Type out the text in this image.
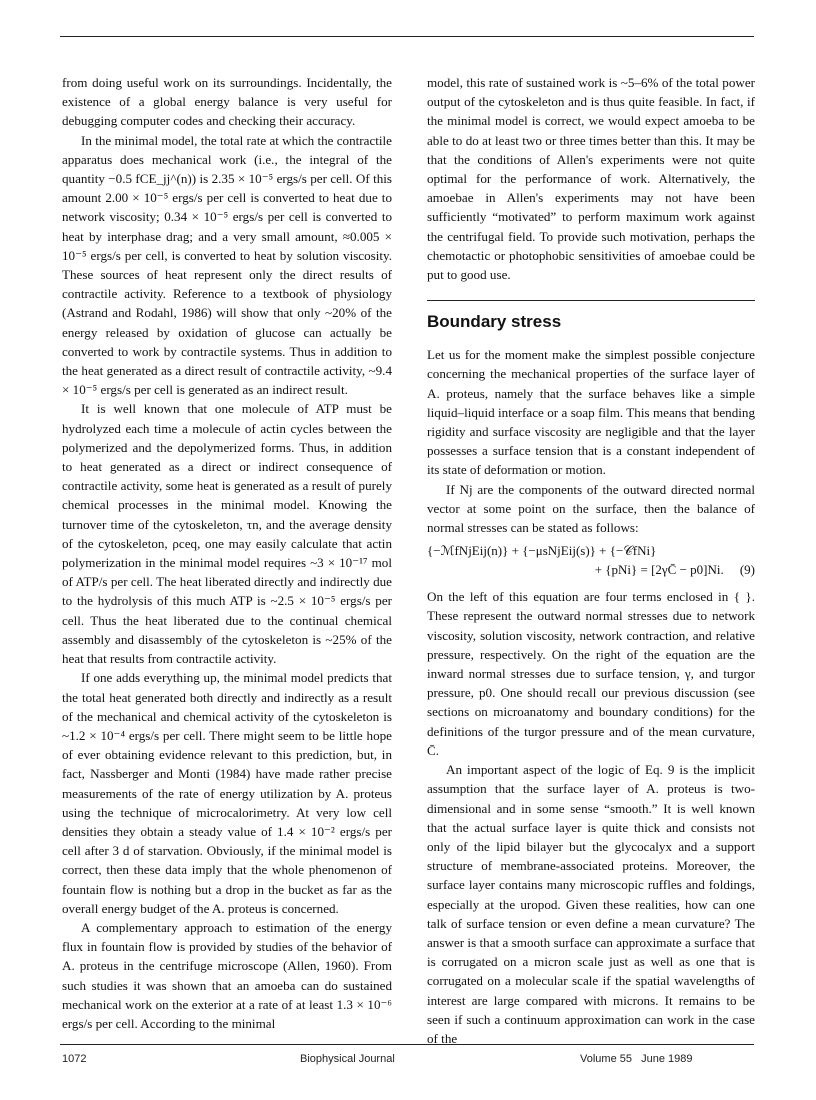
from doing useful work on its surroundings. Incidentally, the existence of a global energy balance is very useful for debugging computer codes and checking their accuracy.

In the minimal model, the total rate at which the contractile apparatus does mechanical work (i.e., the integral of the quantity −0.5 fCE_jj^(n)) is 2.35 × 10⁻⁵ ergs/s per cell. Of this amount 2.00 × 10⁻⁵ ergs/s per cell is converted to heat due to network viscosity; 0.34 × 10⁻⁵ ergs/s per cell is converted to heat by interphase drag; and a very small amount, ≈0.005 × 10⁻⁵ ergs/s per cell, is converted to heat by solution viscosity. These sources of heat represent only the direct results of contractile activity. Reference to a textbook of physiology (Astrand and Rodahl, 1986) will show that only ~20% of the energy released by oxidation of glucose can actually be converted to work by contractile systems. Thus in addition to the heat generated as a direct result of contractile activity, ~9.4 × 10⁻⁵ ergs/s per cell is generated as an indirect result.

It is well known that one molecule of ATP must be hydrolyzed each time a molecule of actin cycles between the polymerized and the depolymerized forms. Thus, in addition to heat generated as a direct or indirect consequence of contractile activity, some heat is generated as a result of purely chemical processes in the minimal model. Knowing the turnover time of the cytoskeleton, τn, and the average density of the cytoskeleton, ρceq, one may easily calculate that actin polymerization in the minimal model requires ~3 × 10⁻¹⁷ mol of ATP/s per cell. The heat liberated directly and indirectly due to the hydrolysis of this much ATP is ~2.5 × 10⁻⁵ ergs/s per cell. Thus the heat liberated due to the continual chemical assembly and disassembly of the cytoskeleton is ~25% of the heat that results from contractile activity.

If one adds everything up, the minimal model predicts that the total heat generated both directly and indirectly as a result of the mechanical and chemical activity of the cytoskeleton is ~1.2 × 10⁻⁴ ergs/s per cell. There might seem to be little hope of ever obtaining evidence relevant to this prediction, but, in fact, Nassberger and Monti (1984) have made rather precise measurements of the rate of energy utilization by A. proteus using the technique of microcalorimetry. At very low cell densities they obtain a steady value of 1.4 × 10⁻² ergs/s per cell after 3 d of starvation. Obviously, if the minimal model is correct, then these data imply that the whole phenomenon of fountain flow is nothing but a drop in the bucket as far as the overall energy budget of the A. proteus is concerned.

A complementary approach to estimation of the energy flux in fountain flow is provided by studies of the behavior of A. proteus in the centrifuge microscope (Allen, 1960). From such studies it was shown that an amoeba can do sustained mechanical work on the exterior at a rate of at least 1.3 × 10⁻⁶ ergs/s per cell. According to the minimal

model, this rate of sustained work is ~5–6% of the total power output of the cytoskeleton and is thus quite feasible. In fact, if the minimal model is correct, we would expect amoeba to be able to do at least two or three times better than this. It may be that the conditions of Allen's experiments were not quite optimal for the performance of work. Alternatively, the amoebae in Allen's experiments may not have been sufficiently “motivated” to perform maximum work against the centrifugal field. To provide such motivation, perhaps the chemotactic or photophobic sensitivities of amoebae could be put to good use.

Boundary stress

Let us for the moment make the simplest possible conjecture concerning the mechanical properties of the surface layer of A. proteus, namely that the surface behaves like a simple liquid–liquid interface or a soap film. This means that bending rigidity and surface viscosity are negligible and that the layer possesses a surface tension that is a constant independent of its state of deformation or motion.

If Nj are the components of the outward directed normal vector at some point on the surface, then the balance of normal stresses can be stated as follows:

{−ℳfNjEij(n)} + {−μsNjEij(s)} + {−𝒞fNi}
+ {pNi} = [2γC̄ − p0]Ni. (9)

On the left of this equation are four terms enclosed in { }. These represent the outward normal stresses due to network viscosity, solution viscosity, network contraction, and relative pressure, respectively. On the right of the equation are the inward normal stresses due to surface tension, γ, and turgor pressure, p0. One should recall our previous discussion (see sections on microanatomy and boundary conditions) for the definitions of the turgor pressure and of the mean curvature, C̄.

An important aspect of the logic of Eq. 9 is the implicit assumption that the surface layer of A. proteus is two-dimensional and in some sense “smooth.” It is well known that the actual surface layer is quite thick and consists not only of the lipid bilayer but the glycocalyx and a support structure of membrane-associated proteins. Moreover, the surface layer contains many microscopic ruffles and foldings, especially at the uropod. Given these realities, how can one talk of surface tension or even define a mean curvature? The answer is that a smooth surface can approximate a surface that is corrugated on a micron scale just as well as one that is corrugated on a molecular scale if the spatial wavelengths of interest are large compared with microns. It remains to be seen if such a continuum approximation can work in the case of the

1072	Biophysical Journal	Volume 55   June 1989
